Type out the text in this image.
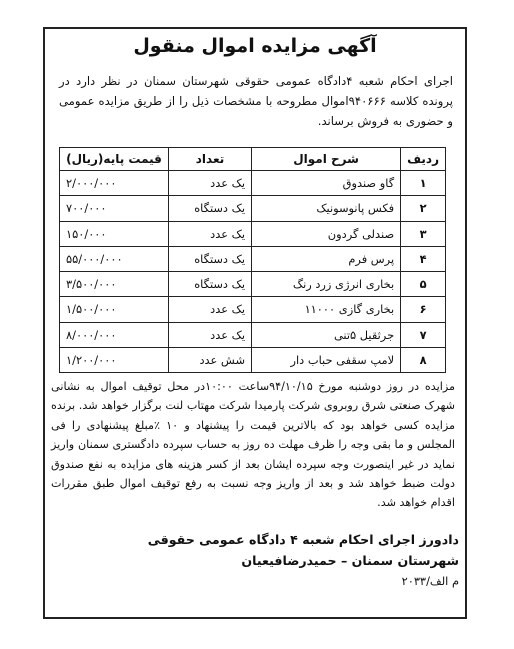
آگهی مزایده اموال منقول
اجرای احکام شعبه ۴دادگاه عمومی حقوقی شهرستان سمنان در نظر دارد در پرونده کلاسه ۹۴۰۶۶۶اموال مطروحه با مشخصات ذیل را از طریق مزایده عمومی و حضوری به فروش برساند.
ردیف	شرح اموال	تعداد	قیمت پایه(ریال)
۱	گاو صندوق	یک عدد	۲/۰۰۰/۰۰۰
۲	فکس پانوسونیک	یک دستگاه	۷۰۰/۰۰۰
۳	صندلی گردون	یک عدد	۱۵۰/۰۰۰
۴	پرس فرم	یک دستگاه	۵۵/۰۰۰/۰۰۰
۵	بخاری انرژی زرد رنگ	یک دستگاه	۳/۵۰۰/۰۰۰
۶	بخاری گازی ۱۱۰۰۰	یک عدد	۱/۵۰۰/۰۰۰
۷	جرثقیل ۵تنی	یک عدد	۸/۰۰۰/۰۰۰
۸	لامپ سقفی حباب دار	شش عدد	۱/۲۰۰/۰۰۰
مزایده در روز دوشنبه مورخ ۹۴/۱۰/۱۵ساعت ۱۰:۰۰در محل توقیف اموال به نشانی شهرک صنعتی شرق روبروی شرکت پارمیدا شرکت مهتاب لنت برگزار خواهد شد. برنده مزایده کسی خواهد بود که بالاترین قیمت را پیشنهاد و ۱۰ ٪مبلغ پیشنهادی را فی المجلس و ما بقی وجه را ظرف مهلت ده روز به حساب سپرده دادگستری سمنان واریز نماید در غیر اینصورت وجه سپرده ایشان بعد از کسر هزینه های مزایده به نفع صندوق دولت ضبط خواهد شد و بعد از واریز وجه نسبت به رفع توقیف اموال طبق مقررات اقدام خواهد شد.
دادورز اجرای احکام شعبه ۴ دادگاه عمومی حقوقی شهرستان سمنان – حمیدرضافیعیان
م الف/۲۰۳۳
